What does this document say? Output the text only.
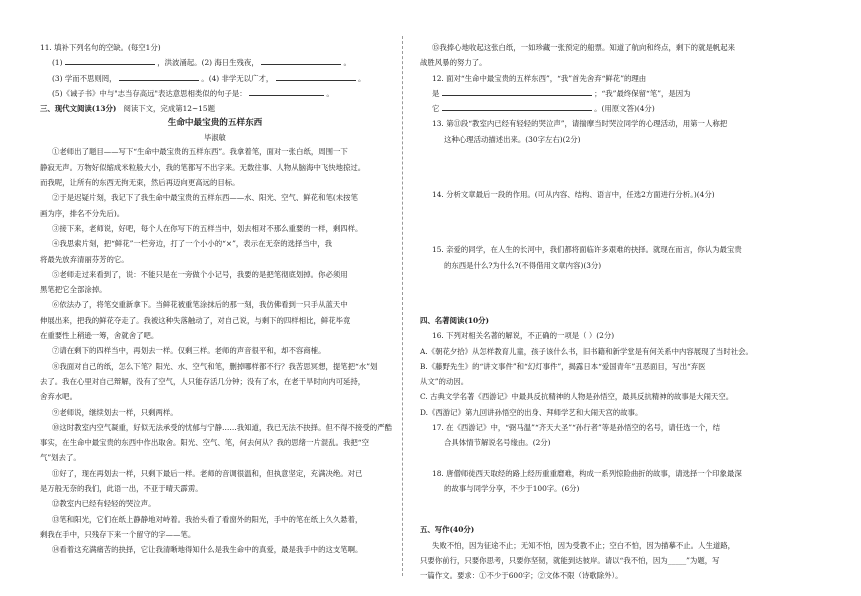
11. 填补下列名句的空缺。(每空1分)
(1)	，洪波涌起。 (2) 海日生残夜，	。
(3) 学而不思则罔，	。 (4) 非学无以广才，	。
(5)《诫子书》中与"志当存高远"表达意思相类似的句子是：	。
三、现代文阅读(13分) 阅读下文，完成第12~15题
生命中最宝贵的五样东西
毕淑敏
①老师出了题目——写下“生命中最宝贵的五样东西”。我拿着笔，面对一张白纸，周围一下
静寂无声。万物好似缩成米粒般大小，我的笔都写不出字来。无数往事、人物从脑海中飞快地掠过。
而我呢，让所有的东西无拘无束，然后再迈向更高远的目标。
②于是迟疑片刻，我记下了我生命中最宝贵的五样东西——水、阳光、空气、鲜花和笔(未按笔
画为序，排名不分先后)。
③接下来，老师说，好吧，每个人在你写下的五样当中，划去相对不那么重要的一样，剩四样。
④我思索片刻，把“鲜花”一栏旁边，打了一个小小的“×”，表示在无奈的选择当中，我
将最先放弃清丽芬芳的它。
⑤老师走过来看到了，说：不能只是在一旁做个小记号，我要的是把笔彻底划掉。你必须用
黑笔把它全部涂掉。
⑥依法办了，将笔交重新拿下。当鲜花被重笔涂抹后的那一刻，我仿佛看到一只手从蓝天中
伸展出来，把我的鲜花夺走了。我被这种失落触动了，对自己说，与剩下的四样相比，鲜花毕竟
在重要性上稍逊一筹，舍就舍了吧。
⑦请在剩下的四样当中，再划去一样。仅剩三样。老师的声音很平和，却不容商榷。
⑧我面对自己的纸，怎么下笔？阳光、水、空气和笔，删掉哪样都不行？我苦思冥想，提笔把“水”划
去了。我在心里对自己辩解，没有了空气，人只能存活几分钟；没有了水，在老干旱时向内可延持，
舍弃水吧。
⑨老师说，继续划去一样，只剩两样。
⑩这时教室内空气凝重，好似无法承受的忧郁与宁静……我知道，我已无法不抉择。但不得不接受的严酷
事实，在生命中最宝贵的东西中作出取舍。阳光、空气、笔，何去何从？我的思绪一片混乱。我把“空
气”划去了。
⑪好了，现在再划去一样，只剩下最后一样。老师的音调很温和，但执意坚定，充满决绝。对已
是万般无奈的我们，此语一出，不亚于晴天霹雳。
⑫教室内已经有轻轻的哭泣声。
⑬笔和阳光，它们在纸上静静地对峙着。我抬头看了看窗外的阳光，手中的笔在纸上久久悬着，
剩我在手中，只残存下来一个留守的字——笔。
⑭看着这充满痛苦的抉择，它让我清晰地得知什么是我生命中的真爱，最是我手中的这支笔啊。
⑮我捧心地收起这张白纸，一如珍藏一张预定的船票。知道了航向和终点，剩下的就是帆起来
战胜风暴的努力了。
12. 面对“生命中最宝贵的五样东西”，“我”首先舍弃“鲜花”的理由
是	；“我”最终保留“笔”，是因为
它	。(用原文答)(4分)
13. 第⑪段“教室内已经有轻轻的哭泣声”，请揣摩当时哭泣同学的心理活动，用第一人称把
这种心理活动描述出来。(30字左右)(2分)
14. 分析文章最后一段的作用。(可从内容、结构、语言中，任选2方面进行分析。)(4分)
15. 亲爱的同学，在人生的长河中，我们都将面临许多艰难的抉择。就现在而言，你认为最宝贵
的东西是什么?为什么?(不得借用文章内容)(3分)
四、名著阅读(10分)
16. 下列对相关名著的解说，不正确的一项是（ ）(2分)
A.《朝花夕拾》从怎样教育儿童，孩子该什么书，旧书籍和新学堂是有何关系中内容展现了当时社会。
B.《藤野先生》的“讲文事件”和“幻灯事件”，揭露日本“爱国青年”丑恶面目，写出“弃医
从文”的动因。
C. 古典文学名著《西游记》中最具反抗精神的人物是孙悟空，最具反抗精神的故事是大闹天空。
D.《西游记》第九回讲孙悟空的出身、拜师学艺和大闹天宫的故事。
17. 在《西游记》中，“弼马温”“齐天大圣”“孙行者”等是孙悟空的名号，请任选一个，结
合具体情节解说名号缘由。(2分)
18. 唐僧师徒西天取经的路上经历重重磨难，构成一系列惊险曲折的故事，请选择一个印象最深
的故事与同学分享，不少于100字。(6分)
五、写作(40分)
失败不怕，因为征途不止；无知不怕，因为受教不止；空白不怕，因为描摹不止。人生道路，
只要你前行，只要你思考，只要你坚韧，就能到达彼岸。请以“我不怕，因为_____”为题，写
一篇作文。要求：①不少于600字；②文体不限（诗歌除外）。
